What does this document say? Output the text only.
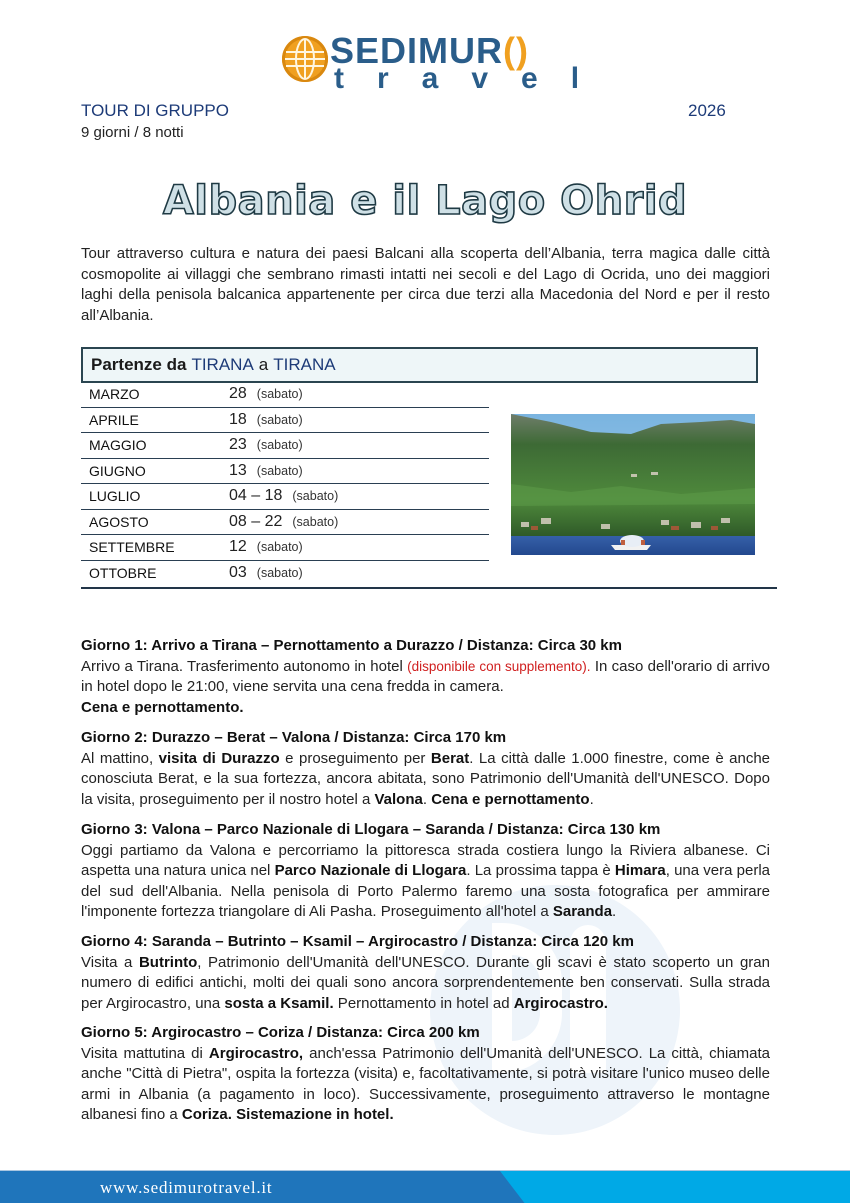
SEDIMUR()
travel
TOUR DI GRUPPO	2026
9 giorni / 8 notti
Albania e il Lago Ohrid

Tour attraverso cultura e natura dei paesi Balcani alla scoperta dell’Albania, terra magica dalle città cosmopolite ai villaggi che sembrano rimasti intatti nei secoli e del Lago di Ocrida, uno dei maggiori laghi della penisola balcanica appartenente per circa due terzi alla Macedonia del Nord e per il resto all’Albania.

Partenze da TIRANA a TIRANA
MARZO	28 (sabato)
APRILE	18 (sabato)
MAGGIO	23 (sabato)
GIUGNO	13 (sabato)
LUGLIO	04 – 18 (sabato)
AGOSTO	08 – 22 (sabato)
SETTEMBRE	12 (sabato)
OTTOBRE	03 (sabato)
Giorno 1: Arrivo a Tirana – Pernottamento a Durazzo / Distanza: Circa 30 km

Arrivo a Tirana. Trasferimento autonomo in hotel (disponibile con supplemento). In caso dell'orario di arrivo in hotel dopo le 21:00, viene servita una cena fredda in camera.

Cena e pernottamento.

Giorno 2: Durazzo – Berat – Valona / Distanza: Circa 170 km

Al mattino, visita di Durazzo e proseguimento per Berat. La città dalle 1.000 finestre, come è anche conosciuta Berat, e la sua fortezza, ancora abitata, sono Patrimonio dell'Umanità dell'UNESCO. Dopo la visita, proseguimento per il nostro hotel a Valona. Cena e pernottamento.

Giorno 3: Valona – Parco Nazionale di Llogara – Saranda / Distanza: Circa 130 km

Oggi partiamo da Valona e percorriamo la pittoresca strada costiera lungo la Riviera albanese. Ci aspetta una natura unica nel Parco Nazionale di Llogara. La prossima tappa è Himara, una vera perla del sud dell'Albania. Nella penisola di Porto Palermo faremo una sosta fotografica per ammirare l'imponente fortezza triangolare di Ali Pasha. Proseguimento all'hotel a Saranda.

Giorno 4: Saranda – Butrinto – Ksamil – Argirocastro / Distanza: Circa 120 km

Visita a Butrinto, Patrimonio dell'Umanità dell'UNESCO. Durante gli scavi è stato scoperto un gran numero di edifici antichi, molti dei quali sono ancora sorprendentemente ben conservati. Sulla strada per Argirocastro, una sosta a Ksamil. Pernottamento in hotel ad Argirocastro.

Giorno 5: Argirocastro – Coriza / Distanza: Circa 200 km

Visita mattutina di Argirocastro, anch'essa Patrimonio dell'Umanità dell'UNESCO. La città, chiamata anche "Città di Pietra", ospita la fortezza (visita) e, facoltativamente, si potrà visitare l'unico museo delle armi in Albania (a pagamento in loco). Successivamente, proseguimento attraverso le montagne albanesi fino a Coriza. Sistemazione in hotel.

www.sedimurotravel.it
